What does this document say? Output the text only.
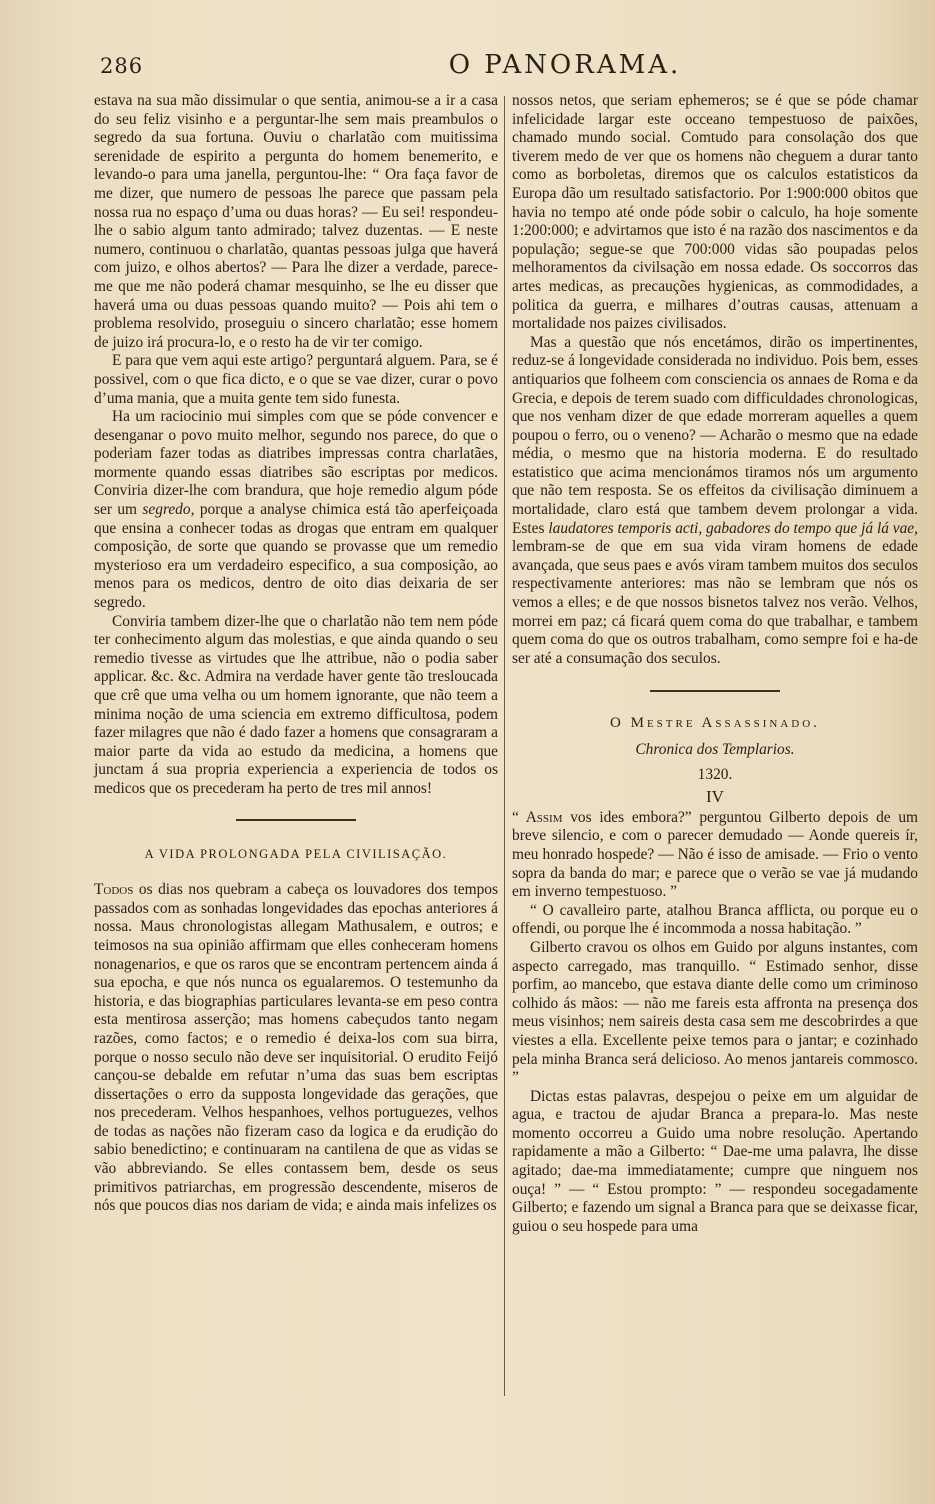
286	O PANORAMA.

estava na sua mão dissimular o que sentia, animou-se a ir a casa do seu feliz visinho e a perguntar-lhe sem mais preambulos o segredo da sua fortuna. Ouviu o charlatão com muitissima serenidade de espirito a pergunta do homem benemerito, e levando-o para uma janella, perguntou-lhe: “ Ora faça favor de me dizer, que numero de pessoas lhe parece que passam pela nossa rua no espaço d’uma ou duas horas? — Eu sei! respondeu-lhe o sabio algum tanto admirado; talvez duzentas. — E neste numero, continuou o charlatão, quantas pessoas julga que haverá com juizo, e olhos abertos? — Para lhe dizer a verdade, parece-me que me não poderá chamar mesquinho, se lhe eu disser que haverá uma ou duas pessoas quando muito? — Pois ahi tem o problema resolvido, proseguiu o sincero charlatão; esse homem de juizo irá procura-lo, e o resto ha de vir ter comigo.

E para que vem aqui este artigo? perguntará alguem. Para, se é possivel, com o que fica dicto, e o que se vae dizer, curar o povo d’uma mania, que a muita gente tem sido funesta.

Ha um raciocinio mui simples com que se póde convencer e desenganar o povo muito melhor, segundo nos parece, do que o poderiam fazer todas as diatribes impressas contra charlatães, mormente quando essas diatribes são escriptas por medicos. Conviria dizer-lhe com brandura, que hoje remedio algum póde ser um segredo, porque a analyse chimica está tão aperfeiçoada que ensina a conhecer todas as drogas que entram em qualquer composição, de sorte que quando se provasse que um remedio mysterioso era um verdadeiro especifico, a sua composição, ao menos para os medicos, dentro de oito dias deixaria de ser segredo.

Conviria tambem dizer-lhe que o charlatão não tem nem póde ter conhecimento algum das molestias, e que ainda quando o seu remedio tivesse as virtudes que lhe attribue, não o podia saber applicar. &c. &c. Admira na verdade haver gente tão tresloucada que crê que uma velha ou um homem ignorante, que não teem a minima noção de uma sciencia em extremo difficultosa, podem fazer milagres que não é dado fazer a homens que consagraram a maior parte da vida ao estudo da medicina, a homens que junctam á sua propria experiencia a experiencia de todos os medicos que os precederam ha perto de tres mil annos!

A VIDA PROLONGADA PELA CIVILISAÇÃO.

Todos os dias nos quebram a cabeça os louvadores dos tempos passados com as sonhadas longevidades das epochas anteriores á nossa. Maus chronologistas allegam Mathusalem, e outros; e teimosos na sua opinião affirmam que elles conheceram homens nonagenarios, e que os raros que se encontram pertencem ainda á sua epocha, e que nós nunca os egualaremos. O testemunho da historia, e das biographias particulares levanta-se em peso contra esta mentirosa asserção; mas homens cabeçudos tanto negam razões, como factos; e o remedio é deixa-los com sua birra, porque o nosso seculo não deve ser inquisitorial. O erudito Feijó cançou-se debalde em refutar n’uma das suas bem escriptas dissertações o erro da supposta longevidade das gerações, que nos precederam. Velhos hespanhoes, velhos portuguezes, velhos de todas as nações não fizeram caso da logica e da erudição do sabio benedictino; e continuaram na cantilena de que as vidas se vão abbreviando. Se elles contassem bem, desde os seus primitivos patriarchas, em progressão descendente, miseros de nós que poucos dias nos dariam de vida; e ainda mais infelizes os

nossos netos, que seriam ephemeros; se é que se póde chamar infelicidade largar este occeano tempestuoso de paixões, chamado mundo social. Comtudo para consolação dos que tiverem medo de ver que os homens não cheguem a durar tanto como as borboletas, diremos que os calculos estatisticos da Europa dão um resultado satisfactorio. Por 1:900:000 obitos que havia no tempo até onde póde sobir o calculo, ha hoje somente 1:200:000; e advirtamos que isto é na razão dos nascimentos e da população; segue-se que 700:000 vidas são poupadas pelos melhoramentos da civilsação em nossa edade. Os soccorros das artes medicas, as precauções hygienicas, as commodidades, a politica da guerra, e milhares d’outras causas, attenuam a mortalidade nos paizes civilisados.

Mas a questão que nós encetámos, dirão os impertinentes, reduz-se á longevidade considerada no individuo. Pois bem, esses antiquarios que folheem com consciencia os annaes de Roma e da Grecia, e depois de terem suado com difficuldades chronologicas, que nos venham dizer de que edade morreram aquelles a quem poupou o ferro, ou o veneno? — Acharão o mesmo que na edade média, o mesmo que na historia moderna. E do resultado estatistico que acima mencionámos tiramos nós um argumento que não tem resposta. Se os effeitos da civilisação diminuem a mortalidade, claro está que tambem devem prolongar a vida. Estes laudatores temporis acti, gabadores do tempo que já lá vae, lembram-se de que em sua vida viram homens de edade avançada, que seus paes e avós viram tambem muitos dos seculos respectivamente anteriores: mas não se lembram que nós os vemos a elles; e de que nossos bisnetos talvez nos verão. Velhos, morrei em paz; cá ficará quem coma do que trabalhar, e tambem quem coma do que os outros trabalham, como sempre foi e ha-de ser até a consumação dos seculos.

O Mestre Assassinado.
Chronica dos Templarios.
1320.
IV

“ Assim vos ides embora?” perguntou Gilberto depois de um breve silencio, e com o parecer demudado — Aonde quereis ír, meu honrado hospede? — Não é isso de amisade. — Frio o vento sopra da banda do mar; e parece que o verão se vae já mudando em inverno tempestuoso. ”

“ O cavalleiro parte, atalhou Branca afflicta, ou porque eu o offendi, ou porque lhe é incommoda a nossa habitação. ”

Gilberto cravou os olhos em Guido por alguns instantes, com aspecto carregado, mas tranquillo. “ Estimado senhor, disse porfim, ao mancebo, que estava diante delle como um criminoso colhido ás mãos: — não me fareis esta affronta na presença dos meus visinhos; nem saireis desta casa sem me descobrirdes a que viestes a ella. Excellente peixe temos para o jantar; e cozinhado pela minha Branca será delicioso. Ao menos jantareis commosco. ”

Dictas estas palavras, despejou o peixe em um alguidar de agua, e tractou de ajudar Branca a prepara-lo. Mas neste momento occorreu a Guido uma nobre resolução. Apertando rapidamente a mão a Gilberto: “ Dae-me uma palavra, lhe disse agitado; dae-ma immediatamente; cumpre que ninguem nos ouça! ” — “ Estou prompto: ” — respondeu socegadamente Gilberto; e fazendo um signal a Branca para que se deixasse ficar, guiou o seu hospede para uma
